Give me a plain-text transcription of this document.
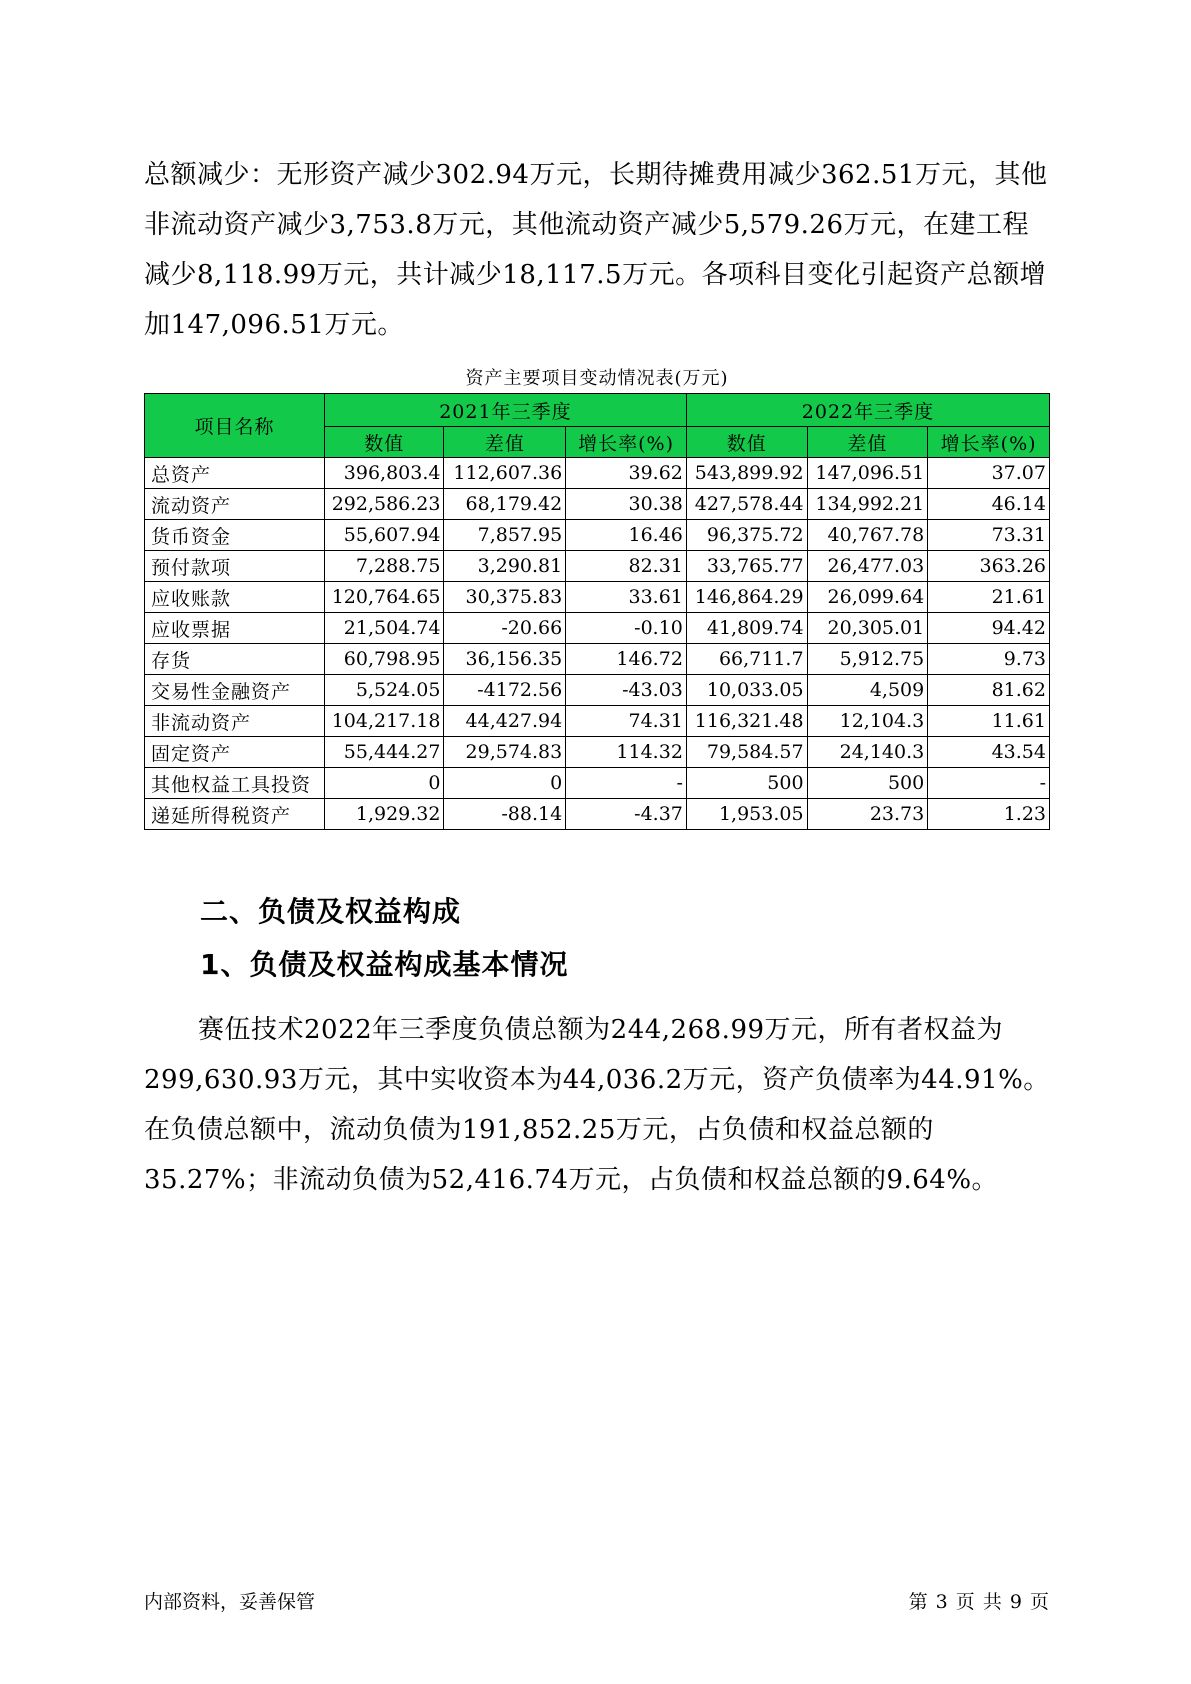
总额减少：无形资产减少302.94万元，长期待摊费用减少362.51万元，其他非流动资产减少3,753.8万元，其他流动资产减少5,579.26万元，在建工程减少8,118.99万元，共计减少18,117.5万元。各项科目变化引起资产总额增加147,096.51万元。
资产主要项目变动情况表(万元)
项目名称	2021年三季度			2022年三季度		
	数值	差值	增长率(%)	数值	差值	增长率(%)
总资产	396,803.4	112,607.36	39.62	543,899.92	147,096.51	37.07
流动资产	292,586.23	68,179.42	30.38	427,578.44	134,992.21	46.14
货币资金	55,607.94	7,857.95	16.46	96,375.72	40,767.78	73.31
预付款项	7,288.75	3,290.81	82.31	33,765.77	26,477.03	363.26
应收账款	120,764.65	30,375.83	33.61	146,864.29	26,099.64	21.61
应收票据	21,504.74	-20.66	-0.10	41,809.74	20,305.01	94.42
存货	60,798.95	36,156.35	146.72	66,711.7	5,912.75	9.73
交易性金融资产	5,524.05	-4172.56	-43.03	10,033.05	4,509	81.62
非流动资产	104,217.18	44,427.94	74.31	116,321.48	12,104.3	11.61
固定资产	55,444.27	29,574.83	114.32	79,584.57	24,140.3	43.54
其他权益工具投资	0	0	-	500	500	-
递延所得税资产	1,929.32	-88.14	-4.37	1,953.05	23.73	1.23
二、负债及权益构成
1、负债及权益构成基本情况
赛伍技术2022年三季度负债总额为244,268.99万元，所有者权益为299,630.93万元，其中实收资本为44,036.2万元，资产负债率为44.91%。在负债总额中，流动负债为191,852.25万元，占负债和权益总额的35.27%；非流动负债为52,416.74万元，占负债和权益总额的9.64%。
内部资料，妥善保管	第 3 页 共 9 页
